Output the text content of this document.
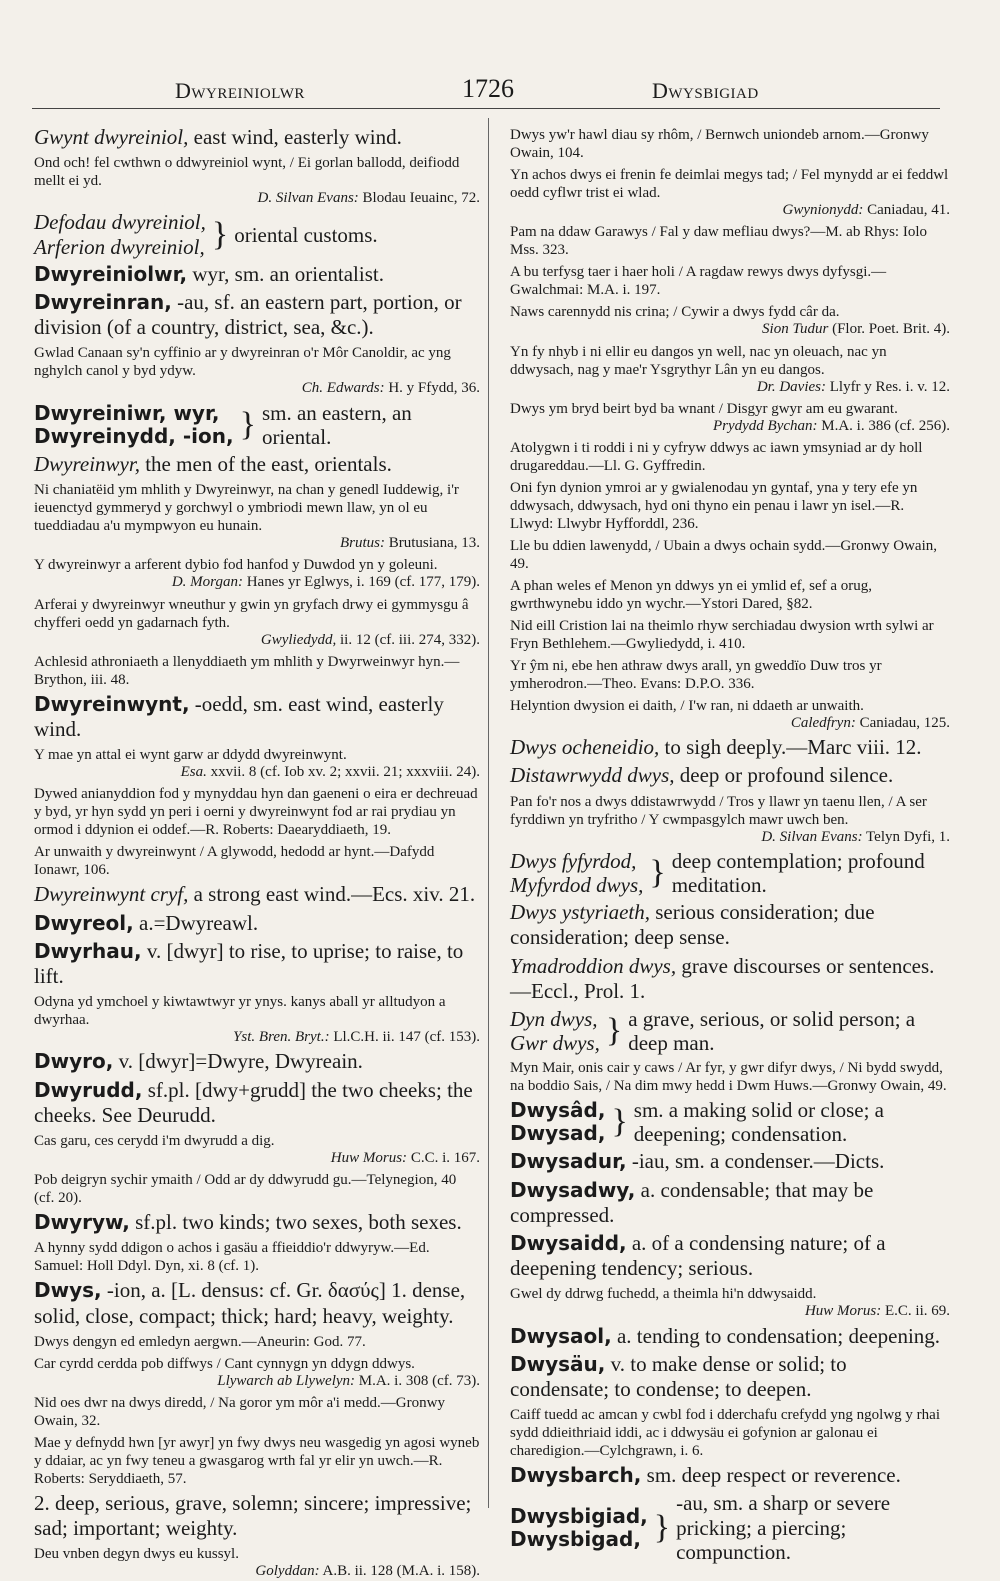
Dwyreiniolwr	1726	Dwysbigiad

Gwynt dwyreiniol, east wind, easterly wind.

Ond och! fel cwthwn o ddwyreiniol wynt, / Ei gorlan ballodd, deifiodd mellt ei yd.

D. Silvan Evans: Blodau Ieuainc, 72.

Defodau dwyreiniol,
Arferion dwyreiniol, } oriental customs.

Dwyreiniolwr, wyr, sm. an orientalist.

Dwyreinran, -au, sf. an eastern part, portion, or division (of a country, district, sea, &c.).

Gwlad Canaan sy'n cyffinio ar y dwyreinran o'r Môr Canoldir, ac yng nghylch canol y byd ydyw.

Ch. Edwards: H. y Ffydd, 36.

Dwyreiniwr, wyr,
Dwyreinydd, -ion, } sm. an eastern, an oriental.

Dwyreinwyr, the men of the east, orientals.

Ni chaniatëid ym mhlith y Dwyreinwyr, na chan y genedl Iuddewig, i'r ieuenctyd gymmeryd y gorchwyl o ymbriodi mewn llaw, yn ol eu tueddiadau a'u mympwyon eu hunain.

Brutus: Brutusiana, 13.

Y dwyreinwyr a arferent dybio fod hanfod y Duwdod yn y goleuni.

D. Morgan: Hanes yr Eglwys, i. 169 (cf. 177, 179).

Arferai y dwyreinwyr wneuthur y gwin yn gryfach drwy ei gymmysgu â chyfferi oedd yn gadarnach fyth.

Gwyliedydd, ii. 12 (cf. iii. 274, 332).

Achlesid athroniaeth a llenyddiaeth ym mhlith y Dwyrweinwyr hyn.—Brython, iii. 48.

Dwyreinwynt, -oedd, sm. east wind, easterly wind.

Y mae yn attal ei wynt garw ar ddydd dwyreinwynt.

Esa. xxvii. 8 (cf. Iob xv. 2; xxvii. 21; xxxviii. 24).

Dywed anianyddion fod y mynyddau hyn dan gaeneni o eira er dechreuad y byd, yr hyn sydd yn peri i oerni y dwyreinwynt fod ar rai prydiau yn ormod i ddynion ei oddef.—R. Roberts: Daearyddiaeth, 19.

Ar unwaith y dwyreinwynt / A glywodd, hedodd ar hynt.—Dafydd Ionawr, 106.

Dwyreinwynt cryf, a strong east wind.—Ecs. xiv. 21.

Dwyreol, a.=Dwyreawl.

Dwyrhau, v. [dwyr] to rise, to uprise; to raise, to lift.

Odyna yd ymchoel y kiwtawtwyr yr ynys. kanys aball yr alltudyon a dwyrhaa.

Yst. Bren. Bryt.: Ll.C.H. ii. 147 (cf. 153).

Dwyro, v. [dwyr]=Dwyre, Dwyreain.

Dwyrudd, sf.pl. [dwy+grudd] the two cheeks; the cheeks. See Deurudd.

Cas garu, ces cerydd i'm dwyrudd a dig.

Huw Morus: C.C. i. 167.

Pob deigryn sychir ymaith / Odd ar dy ddwyrudd gu.—Telynegion, 40 (cf. 20).

Dwyryw, sf.pl. two kinds; two sexes, both sexes.

A hynny sydd ddigon o achos i gasäu a ffieiddio'r ddwyryw.—Ed. Samuel: Holl Ddyl. Dyn, xi. 8 (cf. 1).

Dwys, -ion, a. [L. densus: cf. Gr. δασύς] 1. dense, solid, close, compact; thick; hard; heavy, weighty.

Dwys dengyn ed emledyn aergwn.—Aneurin: God. 77.

Car cyrdd cerdda pob diffwys / Cant cynnygn yn ddygn ddwys.

Llywarch ab Llywelyn: M.A. i. 308 (cf. 73).

Nid oes dwr na dwys diredd, / Na goror ym môr a'i medd.—Gronwy Owain, 32.

Mae y defnydd hwn [yr awyr] yn fwy dwys neu wasgedig yn agosi wyneb y ddaiar, ac yn fwy teneu a gwasgarog wrth fal yr elir yn uwch.—R. Roberts: Seryddiaeth, 57.

2. deep, serious, grave, solemn; sincere; impressive; sad; important; weighty.

Deu vnben degyn dwys eu kussyl.

Golyddan: A.B. ii. 128 (M.A. i. 158).

Dwys yw'r hawl diau sy rhôm, / Bernwch uniondeb arnom.—Gronwy Owain, 104.

Yn achos dwys ei frenin fe deimlai megys tad; / Fel mynydd ar ei feddwl oedd cyflwr trist ei wlad.

Gwynionydd: Caniadau, 41.

Pam na ddaw Garawys / Fal y daw mefliau dwys?—M. ab Rhys: Iolo Mss. 323.

A bu terfysg taer i haer holi / A ragdaw rewys dwys dyfysgi.—Gwalchmai: M.A. i. 197.

Naws carennydd nis crina; / Cywir a dwys fydd câr da.

Sion Tudur (Flor. Poet. Brit. 4).

Yn fy nhyb i ni ellir eu dangos yn well, nac yn oleuach, nac yn ddwysach, nag y mae'r Ysgrythyr Lân yn eu dangos.

Dr. Davies: Llyfr y Res. i. v. 12.

Dwys ym bryd beirt byd ba wnant / Disgyr gwyr am eu gwarant.

Prydydd Bychan: M.A. i. 386 (cf. 256).

Atolygwn i ti roddi i ni y cyfryw ddwys ac iawn ymsyniad ar dy holl drugareddau.—Ll. G. Gyffredin.

Oni fyn dynion ymroi ar y gwialenodau yn gyntaf, yna y tery efe yn ddwysach, ddwysach, hyd oni thyno ein penau i lawr yn isel.—R. Llwyd: Llwybr Hyfforddl, 236.

Lle bu ddien lawenydd, / Ubain a dwys ochain sydd.—Gronwy Owain, 49.

A phan weles ef Menon yn ddwys yn ei ymlid ef, sef a orug, gwrthwynebu iddo yn wychr.—Ystori Dared, §82.

Nid eill Cristion lai na theimlo rhyw serchiadau dwysion wrth sylwi ar Fryn Bethlehem.—Gwyliedydd, i. 410.

Yr ŷm ni, ebe hen athraw dwys arall, yn gweddïo Duw tros yr ymherodron.—Theo. Evans: D.P.O. 336.

Helyntion dwysion ei daith, / I'w ran, ni ddaeth ar unwaith.

Caledfryn: Caniadau, 125.

Dwys ocheneidio, to sigh deeply.—Marc viii. 12.

Distawrwydd dwys, deep or profound silence.

Pan fo'r nos a dwys ddistawrwydd / Tros y llawr yn taenu llen, / A ser fyrddiwn yn tryfritho / Y cwmpasgylch mawr uwch ben.

D. Silvan Evans: Telyn Dyfi, 1.

Dwys fyfyrdod,
Myfyrdod dwys, } deep contemplation; profound meditation.

Dwys ystyriaeth, serious consideration; due consideration; deep sense.

Ymadroddion dwys, grave discourses or sentences.—Eccl., Prol. 1.

Dyn dwys,
Gwr dwys, } a grave, serious, or solid person; a deep man.

Myn Mair, onis cair y caws / Ar fyr, y gwr difyr dwys, / Ni bydd swydd, na boddio Sais, / Na dim mwy hedd i Dwm Huws.—Gronwy Owain, 49.

Dwysâd,
Dwysad, } sm. a making solid or close; a deepening; condensation.

Dwysadur, -iau, sm. a condenser.—Dicts.

Dwysadwy, a. condensable; that may be compressed.

Dwysaidd, a. of a condensing nature; of a deepening tendency; serious.

Gwel dy ddrwg fuchedd, a theimla hi'n ddwysaidd.

Huw Morus: E.C. ii. 69.

Dwysaol, a. tending to condensation; deepening.

Dwysäu, v. to make dense or solid; to condensate; to condense; to deepen.

Caiff tuedd ac amcan y cwbl fod i dderchafu crefydd yng ngolwg y rhai sydd ddieithriaid iddi, ac i ddwysäu ei gofynion ar galonau ei charedigion.—Cylchgrawn, i. 6.

Dwysbarch, sm. deep respect or reverence.

Dwysbigiad,
Dwysbigad, }
-au, sm. a sharp or severe pricking; a piercing; compunction.
